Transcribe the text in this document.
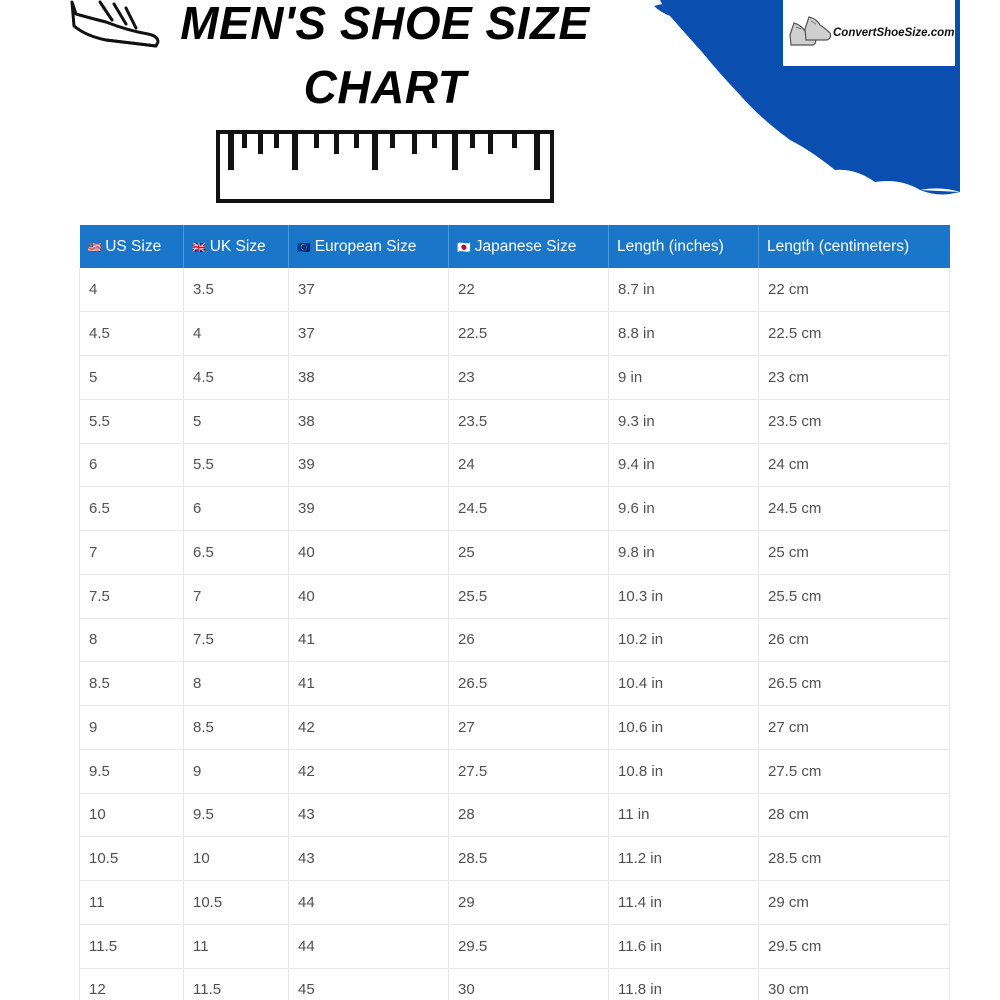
MEN'S SHOE SIZE
CHART
ConvertShoeSize.com
🇺🇸 US Size	🇬🇧 UK Size	🇪🇺 European Size	🇯🇵 Japanese Size	Length (inches)	Length (centimeters)
4	3.5	37	22	8.7 in	22 cm
4.5	4	37	22.5	8.8 in	22.5 cm
5	4.5	38	23	9 in	23 cm
5.5	5	38	23.5	9.3 in	23.5 cm
6	5.5	39	24	9.4 in	24 cm
6.5	6	39	24.5	9.6 in	24.5 cm
7	6.5	40	25	9.8 in	25 cm
7.5	7	40	25.5	10.3 in	25.5 cm
8	7.5	41	26	10.2 in	26 cm
8.5	8	41	26.5	10.4 in	26.5 cm
9	8.5	42	27	10.6 in	27 cm
9.5	9	42	27.5	10.8 in	27.5 cm
10	9.5	43	28	11 in	28 cm
10.5	10	43	28.5	11.2 in	28.5 cm
11	10.5	44	29	11.4 in	29 cm
11.5	11	44	29.5	11.6 in	29.5 cm
12	11.5	45	30	11.8 in	30 cm
